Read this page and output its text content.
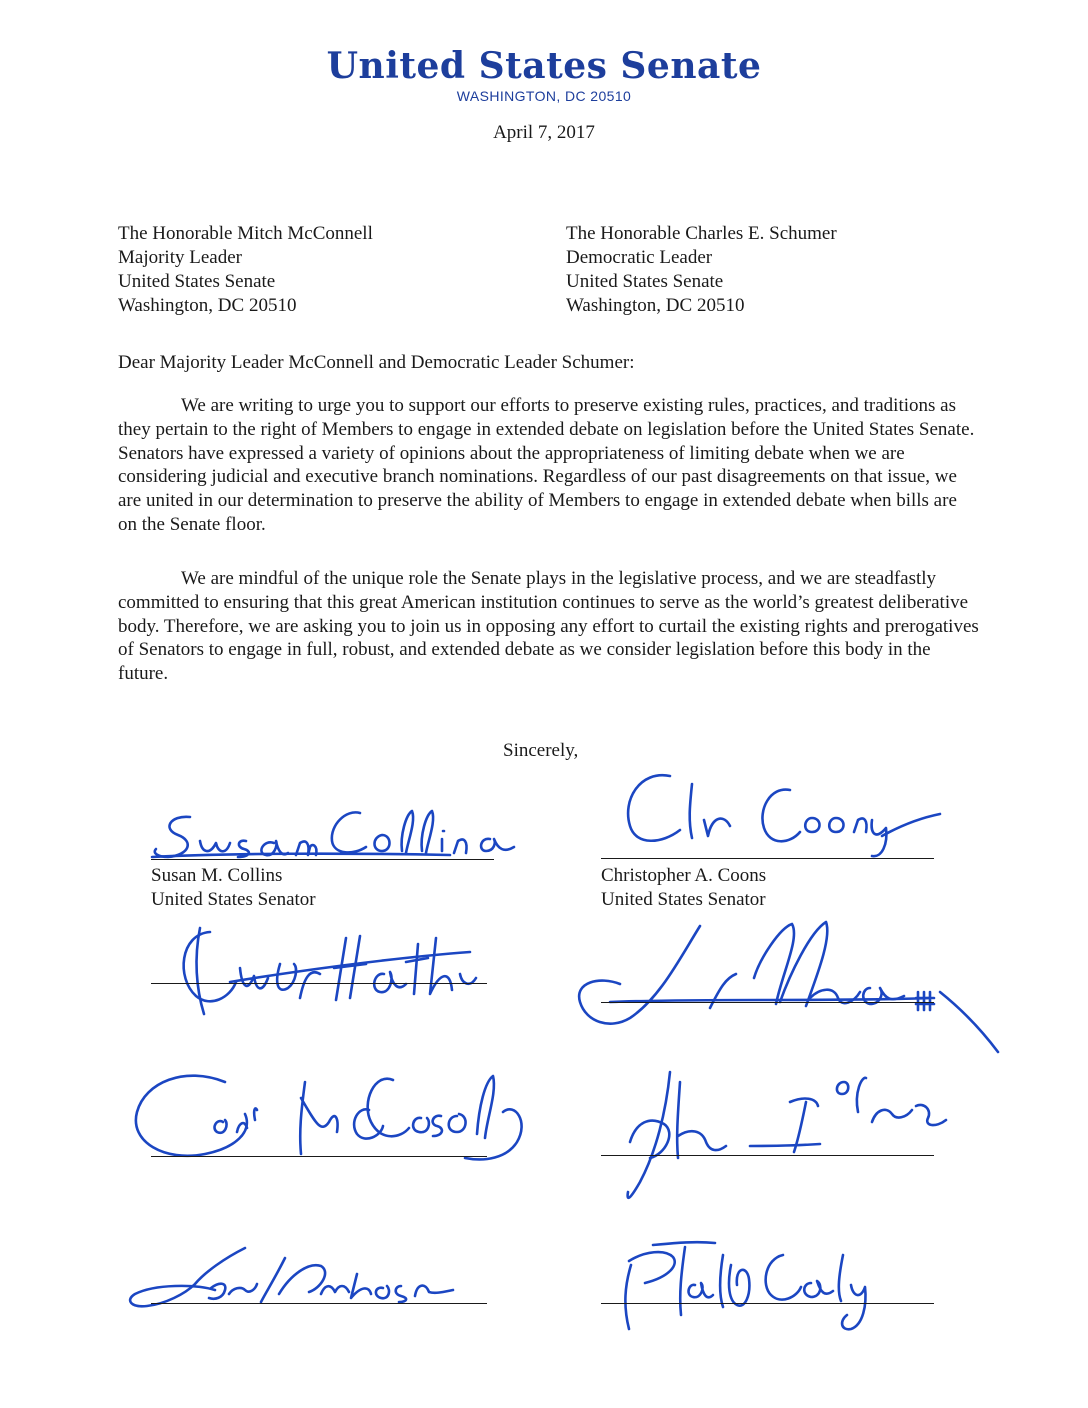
United States Senate
WASHINGTON, DC 20510
April 7, 2017
The Honorable Mitch McConnell
Majority Leader
United States Senate
Washington, DC 20510
The Honorable Charles E. Schumer
Democratic Leader
United States Senate
Washington, DC 20510
Dear Majority Leader McConnell and Democratic Leader Schumer:

We are writing to urge you to support our efforts to preserve existing rules, practices, and traditions as they pertain to the right of Members to engage in extended debate on legislation before the United States Senate. Senators have expressed a variety of opinions about the appropriateness of limiting debate when we are considering judicial and executive branch nominations. Regardless of our past disagreements on that issue, we are united in our determination to preserve the ability of Members to engage in extended debate when bills are on the Senate floor.

We are mindful of the unique role the Senate plays in the legislative process, and we are steadfastly committed to ensuring that this great American institution continues to serve as the world’s greatest deliberative body. Therefore, we are asking you to join us in opposing any effort to curtail the existing rights and prerogatives of Senators to engage in full, robust, and extended debate as we consider legislation before this body in the future.

Sincerely,
Susan M. Collins
United States Senator
Christopher A. Coons
United States Senator
